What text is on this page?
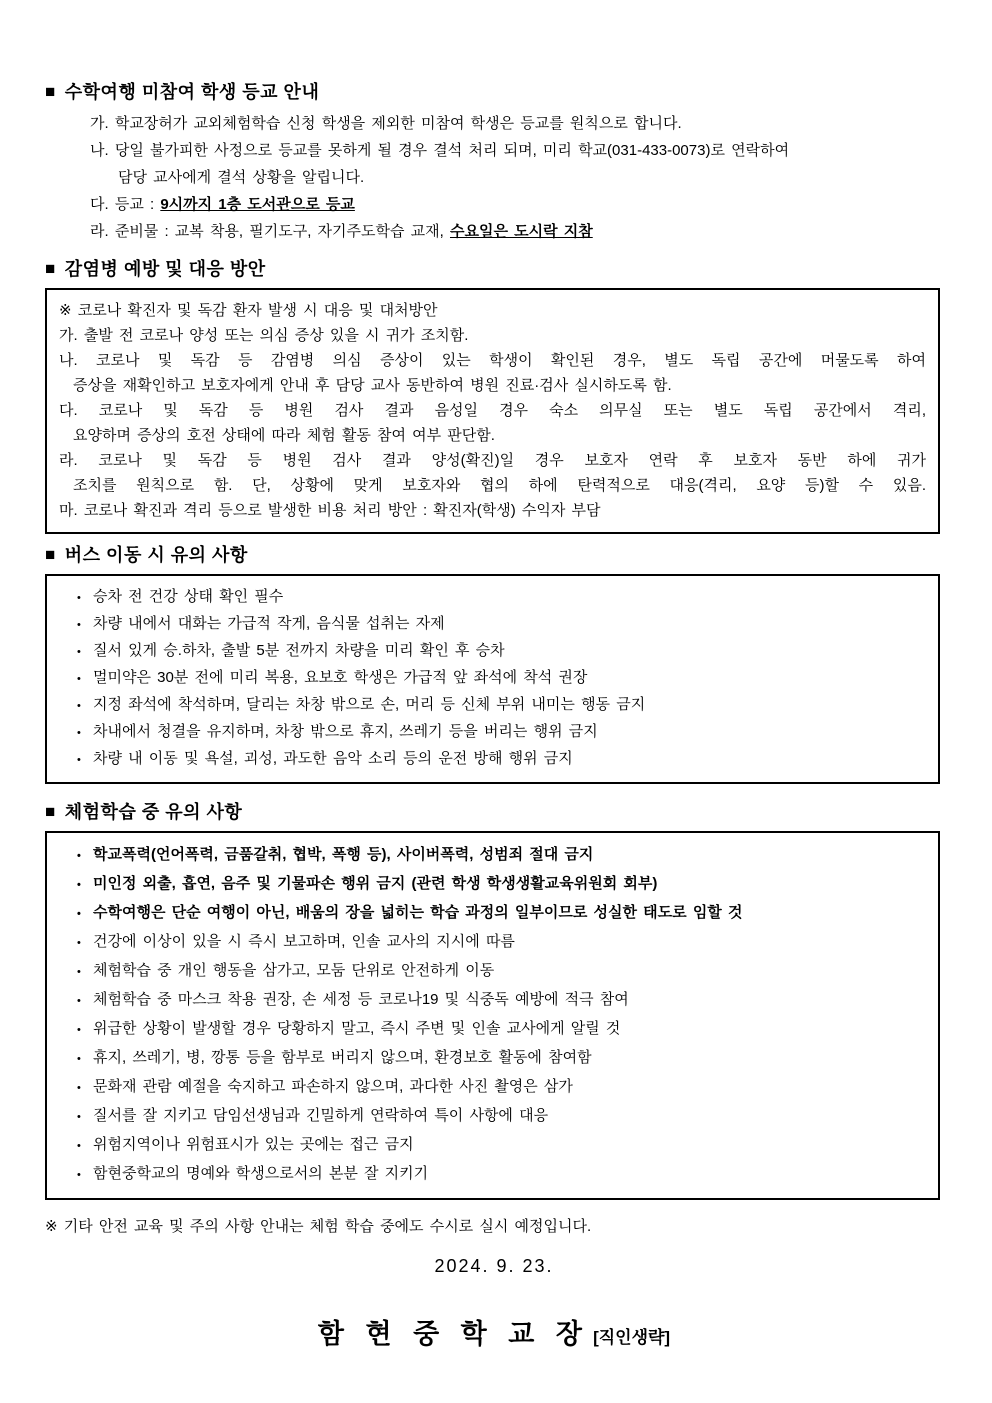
■ 수학여행 미참여 학생 등교 안내
가. 학교장허가 교외체험학습 신청 학생을 제외한 미참여 학생은 등교를 원칙으로 합니다.
나. 당일 불가피한 사정으로 등교를 못하게 될 경우 결석 처리 되며, 미리 학교(031-433-0073)로 연락하여
담당 교사에게 결석 상황을 알립니다.
다. 등교 : 9시까지 1층 도서관으로 등교
라. 준비물 : 교복 착용, 필기도구, 자기주도학습 교재, 수요일은 도시락 지참
■ 감염병 예방 및 대응 방안
※ 코로나 확진자 및 독감 환자 발생 시 대응 및 대처방안
가. 출발 전 코로나 양성 또는 의심 증상 있을 시 귀가 조치함.
나. 코로나 및 독감 등 감염병 의심 증상이 있는 학생이 확인된 경우, 별도 독립 공간에 머물도록 하여
증상을 재확인하고 보호자에게 안내 후 담당 교사 동반하여 병원 진료·검사 실시하도록 함.
다. 코로나 및 독감 등 병원 검사 결과 음성일 경우 숙소 의무실 또는 별도 독립 공간에서 격리,
요양하며 증상의 호전 상태에 따라 체험 활동 참여 여부 판단함.
라. 코로나 및 독감 등 병원 검사 결과 양성(확진)일 경우 보호자 연락 후 보호자 동반 하에 귀가
조치를 원칙으로 함. 단, 상황에 맞게 보호자와 협의 하에 탄력적으로 대응(격리, 요양 등)할 수 있음.
마. 코로나 확진과 격리 등으로 발생한 비용 처리 방안 : 확진자(학생) 수익자 부담
■ 버스 이동 시 유의 사항
• 승차 전 건강 상태 확인 필수
• 차량 내에서 대화는 가급적 작게, 음식물 섭취는 자제
• 질서 있게 승.하차, 출발 5분 전까지 차량을 미리 확인 후 승차
• 멀미약은 30분 전에 미리 복용, 요보호 학생은 가급적 앞 좌석에 착석 권장
• 지정 좌석에 착석하며, 달리는 차창 밖으로 손, 머리 등 신체 부위 내미는 행동 금지
• 차내에서 청결을 유지하며, 차창 밖으로 휴지, 쓰레기 등을 버리는 행위 금지
• 차량 내 이동 및 욕설, 괴성, 과도한 음악 소리 등의 운전 방해 행위 금지
■ 체험학습 중 유의 사항
• 학교폭력(언어폭력, 금품갈취, 협박, 폭행 등), 사이버폭력, 성범죄 절대 금지
• 미인정 외출, 흡연, 음주 및 기물파손 행위 금지 (관련 학생 학생생활교육위원회 회부)
• 수학여행은 단순 여행이 아닌, 배움의 장을 넓히는 학습 과정의 일부이므로 성실한 태도로 임할 것
• 건강에 이상이 있을 시 즉시 보고하며, 인솔 교사의 지시에 따름
• 체험학습 중 개인 행동을 삼가고, 모둠 단위로 안전하게 이동
• 체험학습 중 마스크 착용 권장, 손 세정 등 코로나19 및 식중독 예방에 적극 참여
• 위급한 상황이 발생할 경우 당황하지 말고, 즉시 주변 및 인솔 교사에게 알릴 것
• 휴지, 쓰레기, 병, 깡통 등을 함부로 버리지 않으며, 환경보호 활동에 참여함
• 문화재 관람 예절을 숙지하고 파손하지 않으며, 과다한 사진 촬영은 삼가
• 질서를 잘 지키고 담임선생님과 긴밀하게 연락하여 특이 사항에 대응
• 위험지역이나 위험표시가 있는 곳에는 접근 금지
• 함현중학교의 명예와 학생으로서의 본분 잘 지키기
※ 기타 안전 교육 및 주의 사항 안내는 체험 학습 중에도 수시로 실시 예정입니다.
2024. 9. 23.
함 현 중 학 교 장 [직인생략]
